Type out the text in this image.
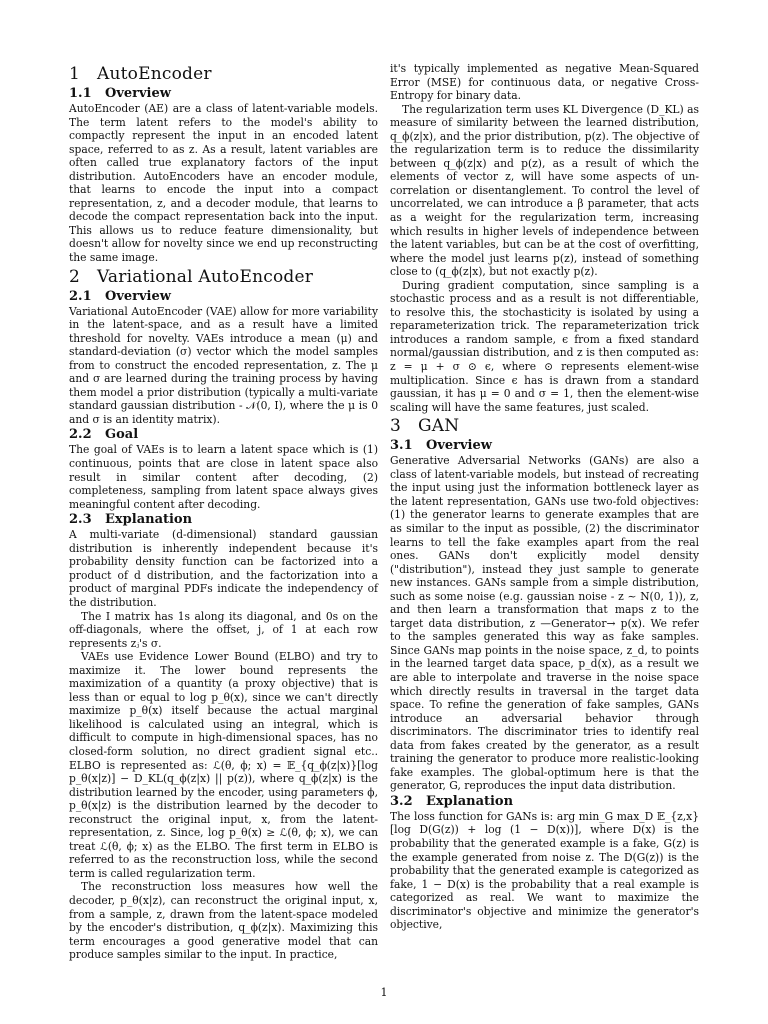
1 AutoEncoder
1.1 Overview

AutoEncoder (AE) are a class of latent-variable models. The term latent refers to the model's ability to compactly represent the input in an encoded latent space, referred to as z. As a result, latent variables are often called true explanatory factors of the input distribution. AutoEncoders have an encoder module, that learns to encode the input into a compact representation, z, and a decoder module, that learns to decode the compact representation back into the input. This allows us to reduce feature dimensionality, but doesn't allow for novelty since we end up reconstructing the same image.

2 Variational AutoEncoder
2.1 Overview

Variational AutoEncoder (VAE) allow for more variability in the latent-space, and as a result have a limited threshold for novelty. VAEs introduce a mean (μ) and standard-deviation (σ) vector which the model samples from to construct the encoded representation, z. The μ and σ are learned during the training process by having them model a prior distribution (typically a multi-variate standard gaussian distribution - 𝒩(0, I), where the μ is 0 and σ is an identity matrix).

2.2 Goal

The goal of VAEs is to learn a latent space which is (1) continuous, points that are close in latent space also result in similar content after decoding, (2) completeness, sampling from latent space always gives meaningful content after decoding.

2.3 Explanation

A multi-variate (d-dimensional) standard gaussian distribution is inherently independent because it's probability density function can be factorized into a product of d distribution, and the factorization into a product of marginal PDFs indicate the independency of the distribution.

The I matrix has 1s along its diagonal, and 0s on the off-diagonals, where the offset, j, of 1 at each row represents zⱼ's σ.

VAEs use Evidence Lower Bound (ELBO) and try to maximize it. The lower bound represents the maximization of a quantity (a proxy objective) that is less than or equal to log p_θ(x), since we can't directly maximize p_θ(x) itself because the actual marginal likelihood is calculated using an integral, which is difficult to compute in high-dimensional spaces, has no closed-form solution, no direct gradient signal etc.. ELBO is represented as: ℒ(θ, ϕ; x) = 𝔼_{q_ϕ(z|x)}[log p_θ(x|z)] − D_KL(q_ϕ(z|x) || p(z)), where q_ϕ(z|x) is the distribution learned by the encoder, using parameters ϕ, p_θ(x|z) is the distribution learned by the decoder to reconstruct the original input, x, from the latent-representation, z. Since, log p_θ(x) ≥ ℒ(θ, ϕ; x), we can treat ℒ(θ, ϕ; x) as the ELBO. The first term in ELBO is referred to as the reconstruction loss, while the second term is called regularization term.

The reconstruction loss measures how well the decoder, p_θ(x|z), can reconstruct the original input, x, from a sample, z, drawn from the latent-space modeled by the encoder's distribution, q_ϕ(z|x). Maximizing this term encourages a good generative model that can produce samples similar to the input. In practice,

it's typically implemented as negative Mean-Squared Error (MSE) for continuous data, or negative Cross-Entropy for binary data.

The regularization term uses KL Divergence (D_KL) as measure of similarity between the learned distribution, q_ϕ(z|x), and the prior distribution, p(z). The objective of the regularization term is to reduce the dissimilarity between q_ϕ(z|x) and p(z), as a result of which the elements of vector z, will have some aspects of un-correlation or disentanglement. To control the level of uncorrelated, we can introduce a β parameter, that acts as a weight for the regularization term, increasing which results in higher levels of independence between the latent variables, but can be at the cost of overfitting, where the model just learns p(z), instead of something close to (q_ϕ(z|x), but not exactly p(z).

During gradient computation, since sampling is a stochastic process and as a result is not differentiable, to resolve this, the stochasticity is isolated by using a reparameterization trick. The reparameterization trick introduces a random sample, ϵ from a fixed standard normal/gaussian distribution, and z is then computed as: z = μ + σ ⊙ ϵ, where ⊙ represents element-wise multiplication. Since ϵ has is drawn from a standard gaussian, it has μ = 0 and σ = 1, then the element-wise scaling will have the same features, just scaled.

3 GAN
3.1 Overview

Generative Adversarial Networks (GANs) are also a class of latent-variable models, but instead of recreating the input using just the information bottleneck layer as the latent representation, GANs use two-fold objectives: (1) the generator learns to generate examples that are as similar to the input as possible, (2) the discriminator learns to tell the fake examples apart from the real ones. GANs don't explicitly model density ("distribution"), instead they just sample to generate new instances. GANs sample from a simple distribution, such as some noise (e.g. gaussian noise - z ∼ N(0, 1)), z, and then learn a transformation that maps z to the target data distribution, z —Generator→ p(x). We refer to the samples generated this way as fake samples. Since GANs map points in the noise space, z_d, to points in the learned target data space, p_d(x), as a result we are able to interpolate and traverse in the noise space which directly results in traversal in the target data space. To refine the generation of fake samples, GANs introduce an adversarial behavior through discriminators. The discriminator tries to identify real data from fakes created by the generator, as a result training the generator to produce more realistic-looking fake examples. The global-optimum here is that the generator, G, reproduces the input data distribution.

3.2 Explanation

The loss function for GANs is: arg min_G max_D 𝔼_{z,x}[log D(G(z)) + log (1 − D(x))], where D(x) is the probability that the generated example is a fake, G(z) is the example generated from noise z. The D(G(z)) is the probability that the generated example is categorized as fake, 1 − D(x) is the probability that a real example is categorized as real. We want to maximize the discriminator's objective and minimize the generator's objective,

1
